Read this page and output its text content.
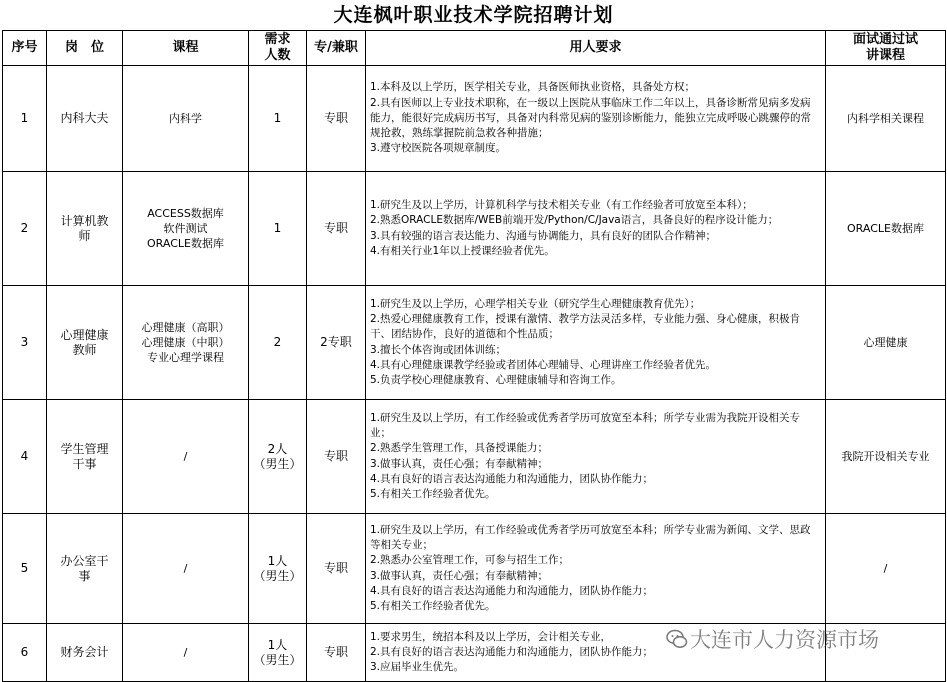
大连枫叶职业技术学院招聘计划
序号	岗　位	课程	需求人数	专/兼职	用人要求	面试通过试讲课程
1	内科大夫	内科学	1	专职	1.本科及以上学历，医学相关专业，具备医师执业资格，具备处方权；
2.具有医师以上专业技术职称，在一级以上医院从事临床工作二年以上，具备诊断常见病多发病能力，能很好完成病历书写，具备对内科常见病的鉴别诊断能力，能独立完成呼吸心跳骤停的常规抢救，熟练掌握院前急救各种措施；
3.遵守校医院各项规章制度。	内科学相关课程
2	计算机教师	ACCESS数据库
软件测试
ORACLE数据库	1	专职	1.研究生及以上学历，计算机科学与技术相关专业（有工作经验者可放宽至本科）；
2.熟悉ORACLE数据库/WEB前端开发/Python/C/Java语言，具备良好的程序设计能力；
3.具有较强的语言表达能力、沟通与协调能力，具有良好的团队合作精神；
4.有相关行业1年以上授课经验者优先。	ORACLE数据库
3	心理健康教师	心理健康（高职）
心理健康（中职）
专业心理学课程	2	2专职	1.研究生及以上学历，心理学相关专业（研究学生心理健康教育优先）；
2.热爱心理健康教育工作，授课有激情、教学方法灵活多样，专业能力强、身心健康，积极肯干、团结协作，良好的道德和个性品质；
3.擅长个体咨询或团体训练；
4.具有心理健康课教学经验或者团体心理辅导、心理讲座工作经验者优先。
5.负责学校心理健康教育、心理健康辅导和咨询工作。	心理健康
4	学生管理干事	/	2人
（男生）	专职	1.研究生及以上学历，有工作经验或优秀者学历可放宽至本科；所学专业需为我院开设相关专业；
2.熟悉学生管理工作，具备授课能力；
3.做事认真，责任心强；有奉献精神；
4.具有良好的语言表达沟通能力和沟通能力，团队协作能力；
5.有相关工作经验者优先。	我院开设相关专业
5	办公室干事	/	1人
（男生）	专职	1.研究生及以上学历，有工作经验或优秀者学历可放宽至本科；所学专业需为新闻、文学、思政等相关专业；
2.熟悉办公室管理工作，可参与招生工作；
3.做事认真，责任心强；有奉献精神；
4.具有良好的语言表达沟通能力和沟通能力，团队协作能力；
5.有相关工作经验者优先。	/
6	财务会计	/	1人
（男生）	专职	1.要求男生，统招本科及以上学历，会计相关专业，
2.具有良好的语言表达沟通能力和沟通能力，团队协作能力；
3.应届毕业生优先。	

大连市人力资源市场
